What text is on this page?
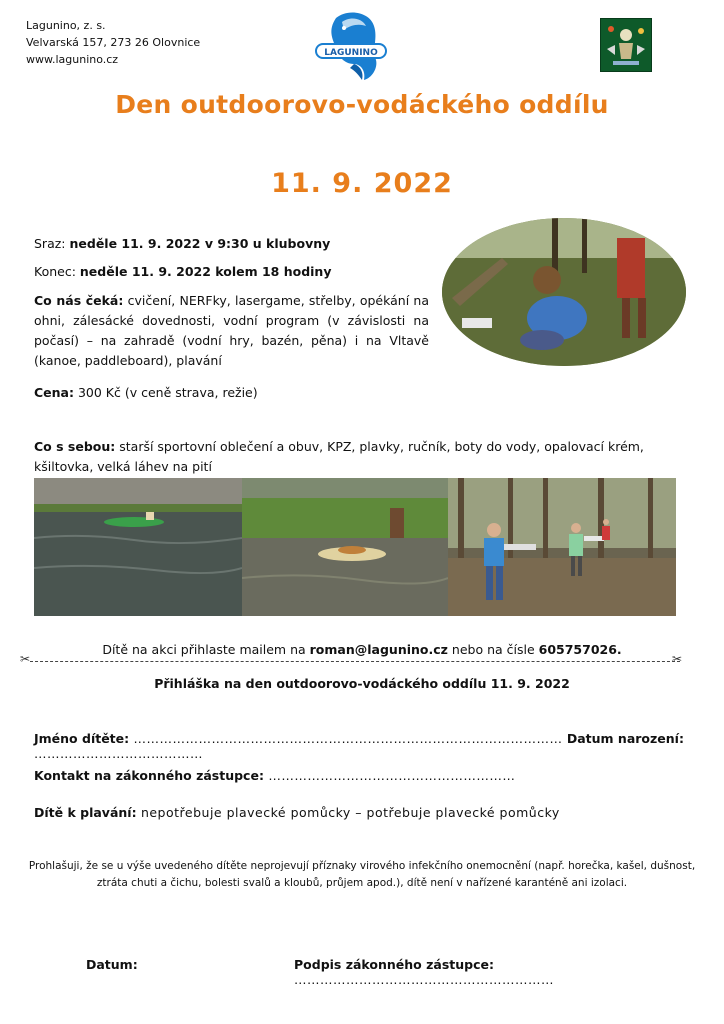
Lagunino, z. s.
Velvarská 157, 273 26 Olovnice
www.lagunino.cz	LAGUNINO
Den outdoorovo-vodáckého oddílu
11. 9. 2022
Sraz: neděle 11. 9. 2022 v 9:30 u klubovny
Konec: neděle 11. 9. 2022 kolem 18 hodiny
Co nás čeká: cvičení, NERFky, lasergame, střelby, opékání na ohni, zálesácké dovednosti, vodní program (v závislosti na počasí) – na zahradě (vodní hry, bazén, pěna) i na Vltavě (kanoe, paddleboard), plavání
Cena: 300 Kč (v ceně strava, režie)
Co s sebou: starší sportovní oblečení a obuv, KPZ, plavky, ručník, boty do vody, opalovací krém, kšiltovka, velká láhev na pití
Dítě na akci přihlaste mailem na roman@lagunino.cz nebo na čísle 605757026.
✂	✂
Přihláška na den outdoorovo-vodáckého oddílu 11. 9. 2022
Jméno dítěte: ……………………………………………………………………………………… Datum narození: …………………………………
Kontakt na zákonného zástupce: …………………………………………………
Dítě k plavání: nepotřebuje plavecké pomůcky – potřebuje plavecké pomůcky
Prohlašuji, že se u výše uvedeného dítěte neprojevují příznaky virového infekčního onemocnění (např. horečka, kašel, dušnost, ztráta chuti a čichu, bolesti svalů a kloubů, průjem apod.), dítě není v nařízené karanténě ani izolaci.
Datum:	Podpis zákonného zástupce: ……………………………………………………
